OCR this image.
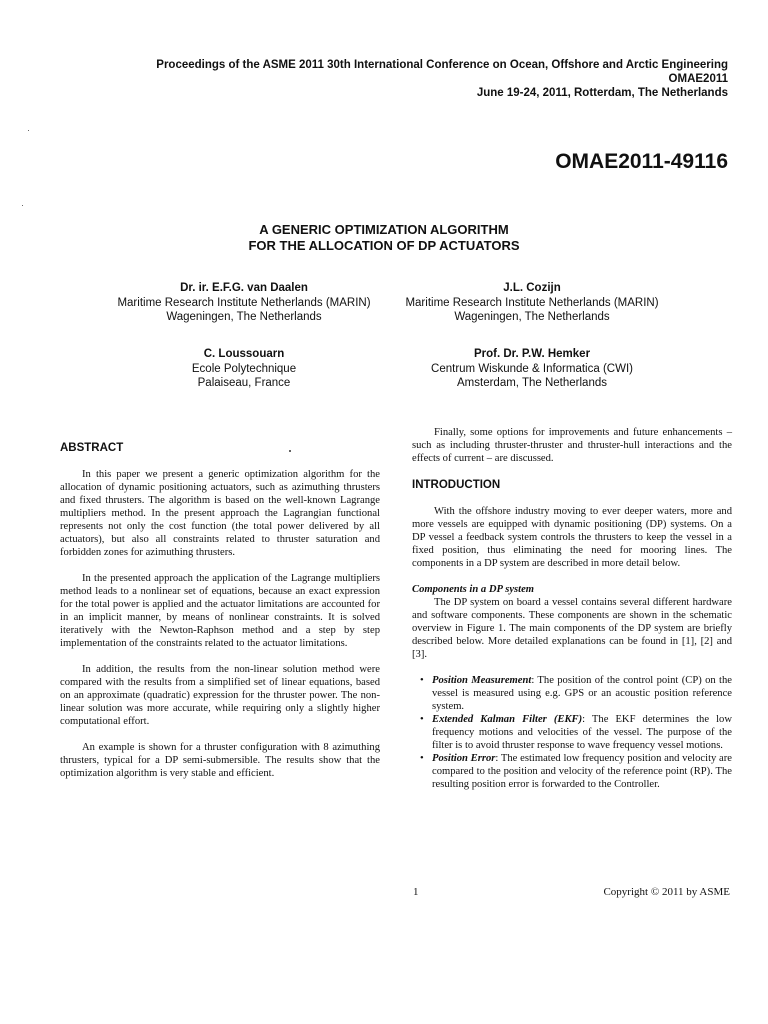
Proceedings of the ASME 2011 30th International Conference on Ocean, Offshore and Arctic Engineering
OMAE2011
June 19-24, 2011, Rotterdam, The Netherlands
OMAE2011-49116
A GENERIC OPTIMIZATION ALGORITHM
FOR THE ALLOCATION OF DP ACTUATORS
Dr. ir. E.F.G. van Daalen
Maritime Research Institute Netherlands (MARIN)
Wageningen, The Netherlands
J.L. Cozijn
Maritime Research Institute Netherlands (MARIN)
Wageningen, The Netherlands
C. Loussouarn
Ecole Polytechnique
Palaiseau, France
Prof. Dr. P.W. Hemker
Centrum Wiskunde & Informatica (CWI)
Amsterdam, The Netherlands
ABSTRACT

In this paper we present a generic optimization algorithm for the allocation of dynamic positioning actuators, such as azimuthing thrusters and fixed thrusters. The algorithm is based on the well-known Lagrange multipliers method. In the present approach the Lagrangian functional represents not only the cost function (the total power delivered by all actuators), but also all constraints related to thruster saturation and forbidden zones for azimuthing thrusters.

In the presented approach the application of the Lagrange multipliers method leads to a nonlinear set of equations, because an exact expression for the total power is applied and the actuator limitations are accounted for in an implicit manner, by means of nonlinear constraints. It is solved iteratively with the Newton-Raphson method and a step by step implementation of the constraints related to the actuator limitations.

In addition, the results from the non-linear solution method were compared with the results from a simplified set of linear equations, based on an approximate (quadratic) expression for the thruster power. The non-linear solution was more accurate, while requiring only a slightly higher computational effort.

An example is shown for a thruster configuration with 8 azimuthing thrusters, typical for a DP semi-submersible. The results show that the optimization algorithm is very stable and efficient.

Finally, some options for improvements and future enhancements – such as including thruster-thruster and thruster-hull interactions and the effects of current – are discussed.

INTRODUCTION

With the offshore industry moving to ever deeper waters, more and more vessels are equipped with dynamic positioning (DP) systems. On a DP vessel a feedback system controls the thrusters to keep the vessel in a fixed position, thus eliminating the need for mooring lines. The components in a DP system are described in more detail below.

Components in a DP system

The DP system on board a vessel contains several different hardware and software components. These components are shown in the schematic overview in Figure 1. The main components of the DP system are briefly described below. More detailed explanations can be found in [1], [2] and [3].

• Position Measurement: The position of the control point (CP) on the vessel is measured using e.g. GPS or an acoustic position reference system.
• Extended Kalman Filter (EKF): The EKF determines the low frequency motions and velocities of the vessel. The purpose of the filter is to avoid thruster response to wave frequency vessel motions.
• Position Error: The estimated low frequency position and velocity are compared to the position and velocity of the reference point (RP). The resulting position error is forwarded to the Controller.
1	Copyright © 2011 by ASME
